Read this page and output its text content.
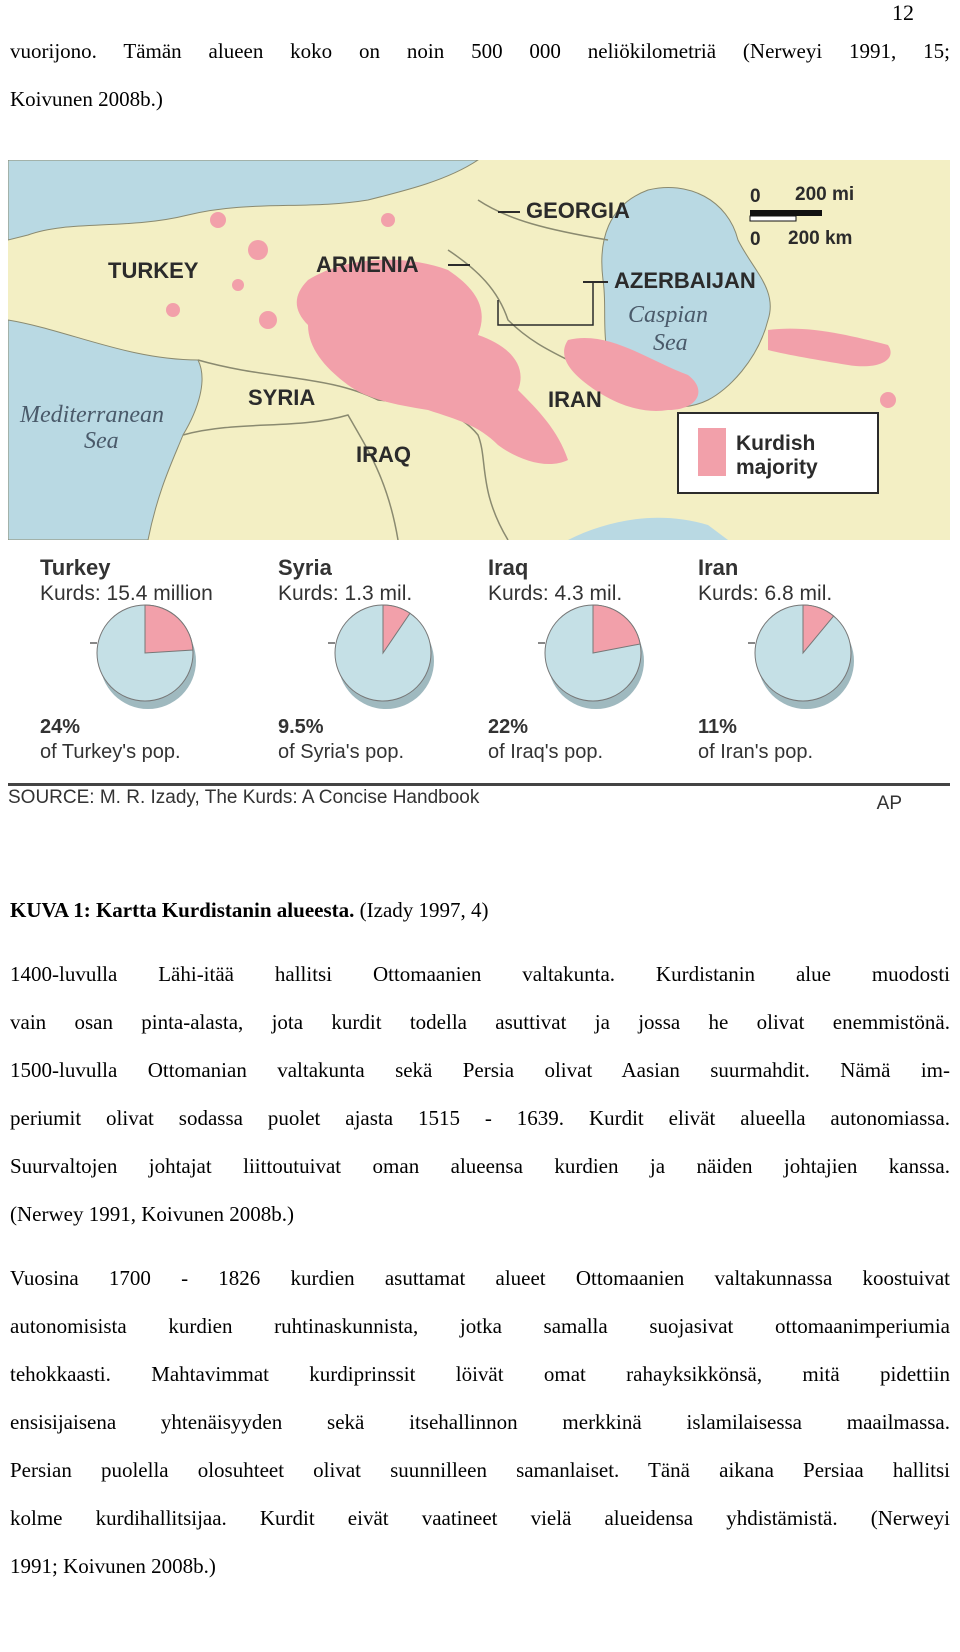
12
vuorijono. Tämän alueen koko on noin 500 000 neliökilometriä (Nerweyi 1991, 15;
Koivunen 2008b.)
GEORGIA
TURKEY	ARMENIA
AZERBAIJAN
Caspian
Sea
SYRIA	IRAN
IRAQ
Mediterranean
Sea
0 200 mi
0 200 km
Kurdish
majority
Turkey
Kurds: 15.4 million
24%
of Turkey's pop.
Syria
Kurds: 1.3 mil.
9.5%
of Syria's pop.
Iraq
Kurds: 4.3 mil.
22%
of Iraq's pop.
Iran
Kurds: 6.8 mil.
11%
of Iran's pop.
SOURCE: M. R. Izady, The Kurds: A Concise Handbook	AP
KUVA 1: Kartta Kurdistanin alueesta. (Izady 1997, 4)
1400-luvulla Lähi-itää hallitsi Ottomaanien valtakunta. Kurdistanin alue muodosti
vain osan pinta-alasta, jota kurdit todella asuttivat ja jossa he olivat enemmistönä.
1500-luvulla Ottomanian valtakunta sekä Persia olivat Aasian suurmahdit. Nämä im-
periumit olivat sodassa puolet ajasta 1515 - 1639. Kurdit elivät alueella autonomiassa.
Suurvaltojen johtajat liittoutuivat oman alueensa kurdien ja näiden johtajien kanssa.
(Nerwey 1991, Koivunen 2008b.)
Vuosina 1700 - 1826 kurdien asuttamat alueet Ottomaanien valtakunnassa koostuivat
autonomisista kurdien ruhtinaskunnista, jotka samalla suojasivat ottomaanimperiumia
tehokkaasti. Mahtavimmat kurdiprinssit löivät omat rahayksikkönsä, mitä pidettiin
ensisijaisena yhtenäisyyden sekä itsehallinnon merkkinä islamilaisessa maailmassa.
Persian puolella olosuhteet olivat suunnilleen samanlaiset. Tänä aikana Persiaa hallitsi
kolme kurdihallitsijaa. Kurdit eivät vaatineet vielä alueidensa yhdistämistä. (Nerweyi
1991; Koivunen 2008b.)
